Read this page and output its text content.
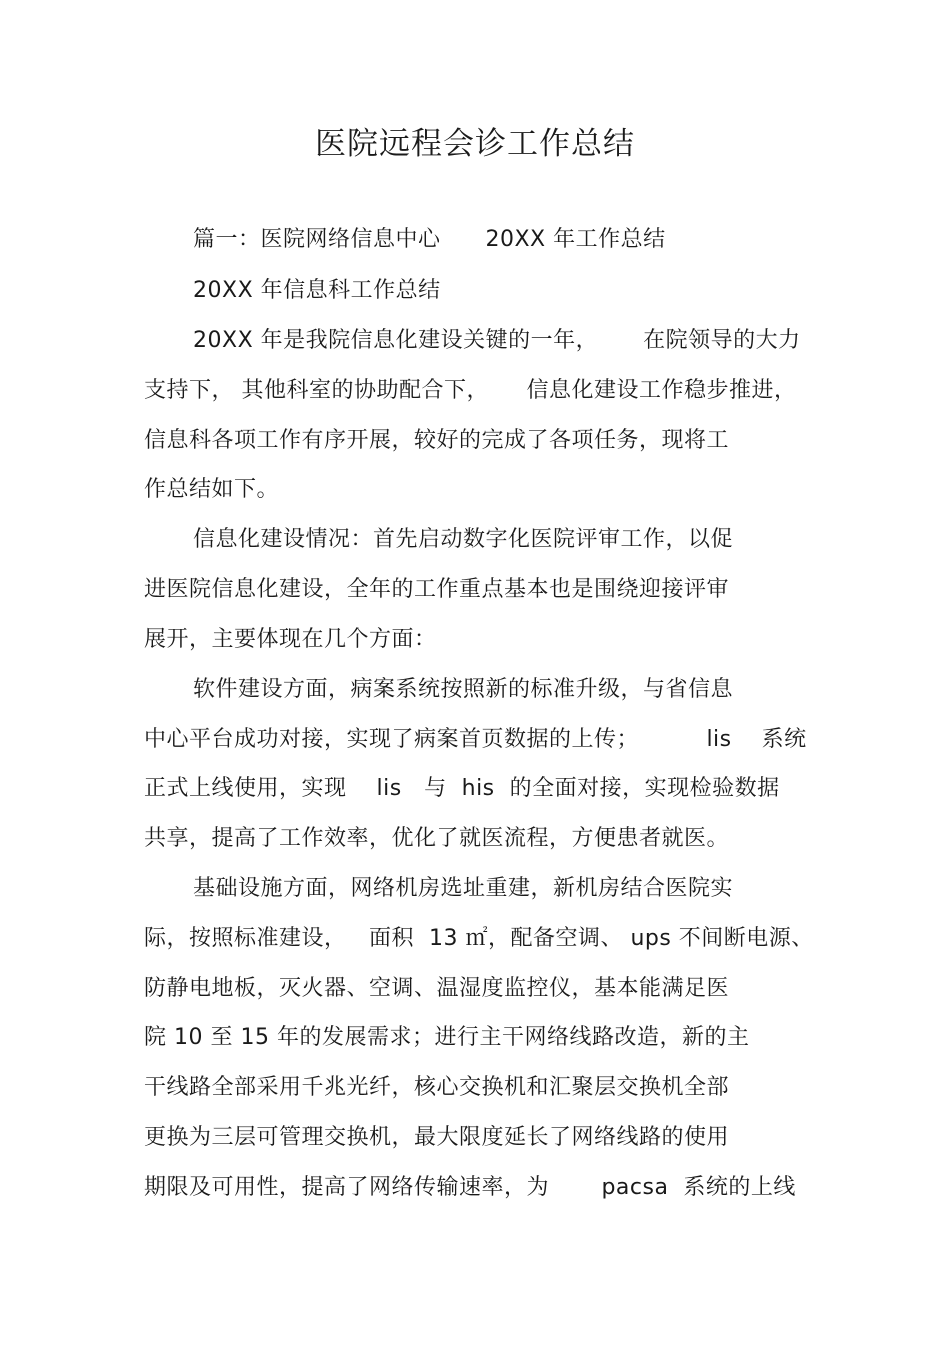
医院远程会诊工作总结
篇一：医院网络信息中心      20XX 年工作总结
20XX 年信息科工作总结
20XX 年是我院信息化建设关键的一年，      在院领导的大力
支持下， 其他科室的协助配合下，     信息化建设工作稳步推进，
信息科各项工作有序开展，较好的完成了各项任务，现将工
作总结如下。
信息化建设情况：首先启动数字化医院评审工作，以促
进医院信息化建设，全年的工作重点基本也是围绕迎接评审
展开，主要体现在几个方面：
软件建设方面，病案系统按照新的标准升级，与省信息
中心平台成功对接，实现了病案首页数据的上传；         lis    系统
正式上线使用，实现    lis   与  his  的全面对接，实现检验数据
共享，提高了工作效率，优化了就医流程，方便患者就医。
基础设施方面，网络机房选址重建，新机房结合医院实
际，按照标准建设，   面积  13 ㎡，配备空调、 ups 不间断电源、
防静电地板，灭火器、空调、温湿度监控仪，基本能满足医
院 10 至 15 年的发展需求；进行主干网络线路改造，新的主
干线路全部采用千兆光纤，核心交换机和汇聚层交换机全部
更换为三层可管理交换机，最大限度延长了网络线路的使用
期限及可用性，提高了网络传输速率，为       pacsa  系统的上线
